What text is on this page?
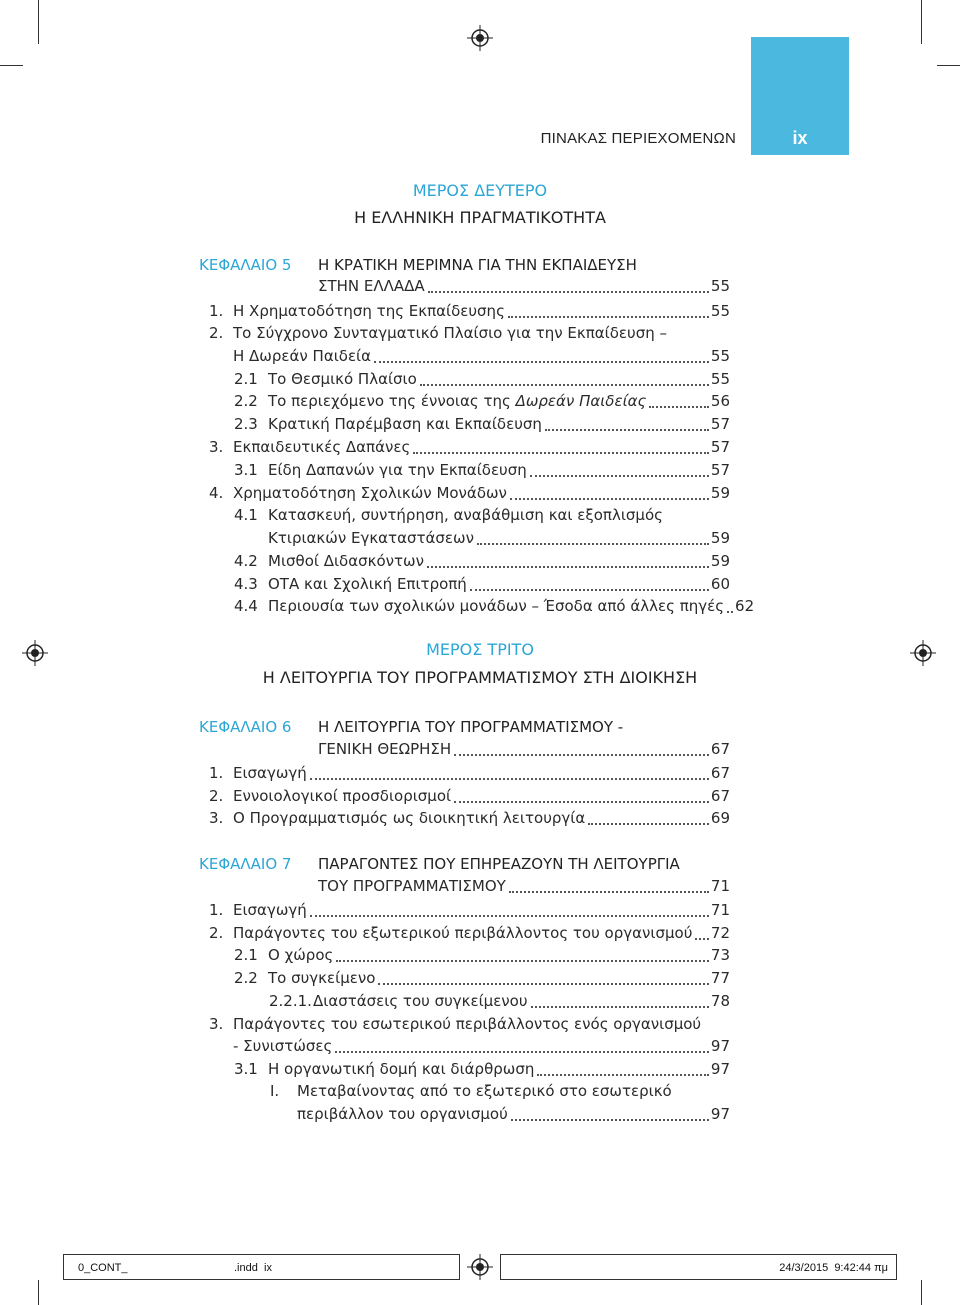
ΠΙΝΑΚΑΣ ΠΕΡΙΕΧΟΜΕΝΩΝ	ix
ΜΕΡΟΣ ΔΕΥΤΕΡΟ
Η ΕΛΛΗΝΙΚΗ ΠΡΑΓΜΑΤΙΚΟΤΗΤΑ
ΚΕΦΑΛΑΙΟ 5 Η ΚΡΑΤΙΚΗ ΜΕΡΙΜΝΑ ΓΙΑ ΤΗΝ ΕΚΠΑΙΔΕΥΣΗ
ΣΤΗΝ ΕΛΛΑΔΑ	55
1. Η Χρηματοδότηση της Εκπαίδευσης	55
2. Το Σύγχρονο Συνταγματικό Πλαίσιο για την Εκπαίδευση –
Η Δωρεάν Παιδεία	55
2.1 Το Θεσμικό Πλαίσιο	55
2.2 Το περιεχόμενο της έννοιας της Δωρεάν Παιδείας	56
2.3 Κρατική Παρέμβαση και Εκπαίδευση	57
3. Εκπαιδευτικές Δαπάνες	57
3.1 Είδη Δαπανών για την Εκπαίδευση	57
4. Χρηματοδότηση Σχολικών Μονάδων	59
4.1 Κατασκευή, συντήρηση, αναβάθμιση και εξοπλισμός
Κτιριακών Εγκαταστάσεων	59
4.2 Μισθοί Διδασκόντων	59
4.3 ΟΤΑ και Σχολική Επιτροπή	60
4.4 Περιουσία των σχολικών μονάδων – Έσοδα από άλλες πηγές 62
ΜΕΡΟΣ ΤΡΙΤΟ
Η ΛΕΙΤΟΥΡΓΙΑ ΤΟΥ ΠΡΟΓΡΑΜΜΑΤΙΣΜΟΥ ΣΤΗ ΔΙΟΙΚΗΣΗ
ΚΕΦΑΛΑΙΟ 6 Η ΛΕΙΤΟΥΡΓΙΑ ΤΟΥ ΠΡΟΓΡΑΜΜΑΤΙΣΜΟΥ -
ΓΕΝΙΚΗ ΘΕΩΡΗΣΗ	67
1. Εισαγωγή	67
2. Εννοιολογικοί προσδιορισμοί	67
3. Ο Προγραμματισμός ως διοικητική λειτουργία	69
ΚΕΦΑΛΑΙΟ 7 ΠΑΡΑΓΟΝΤΕΣ ΠΟΥ ΕΠΗΡΕΑΖΟΥΝ ΤΗ ΛΕΙΤΟΥΡΓΙΑ
ΤΟΥ ΠΡΟΓΡΑΜΜΑΤΙΣΜΟΥ	71
1. Εισαγωγή	71
2. Παράγοντες του εξωτερικού περιβάλλοντος του οργανισμού 72
2.1 Ο χώρος	73
2.2 Το συγκείμενο	77
2.2.1. Διαστάσεις του συγκείμενου	78
3. Παράγοντες του εσωτερικού περιβάλλοντος ενός οργανισμού
- Συνιστώσες	97
3.1 Η οργανωτική δομή και διάρθρωση	97
I. Μεταβαίνοντας από το εξωτερικό στο εσωτερικό
περιβάλλον του οργανισμού	97
0_CONT_	.indd ix	24/3/2015  9:42:44 πμ
